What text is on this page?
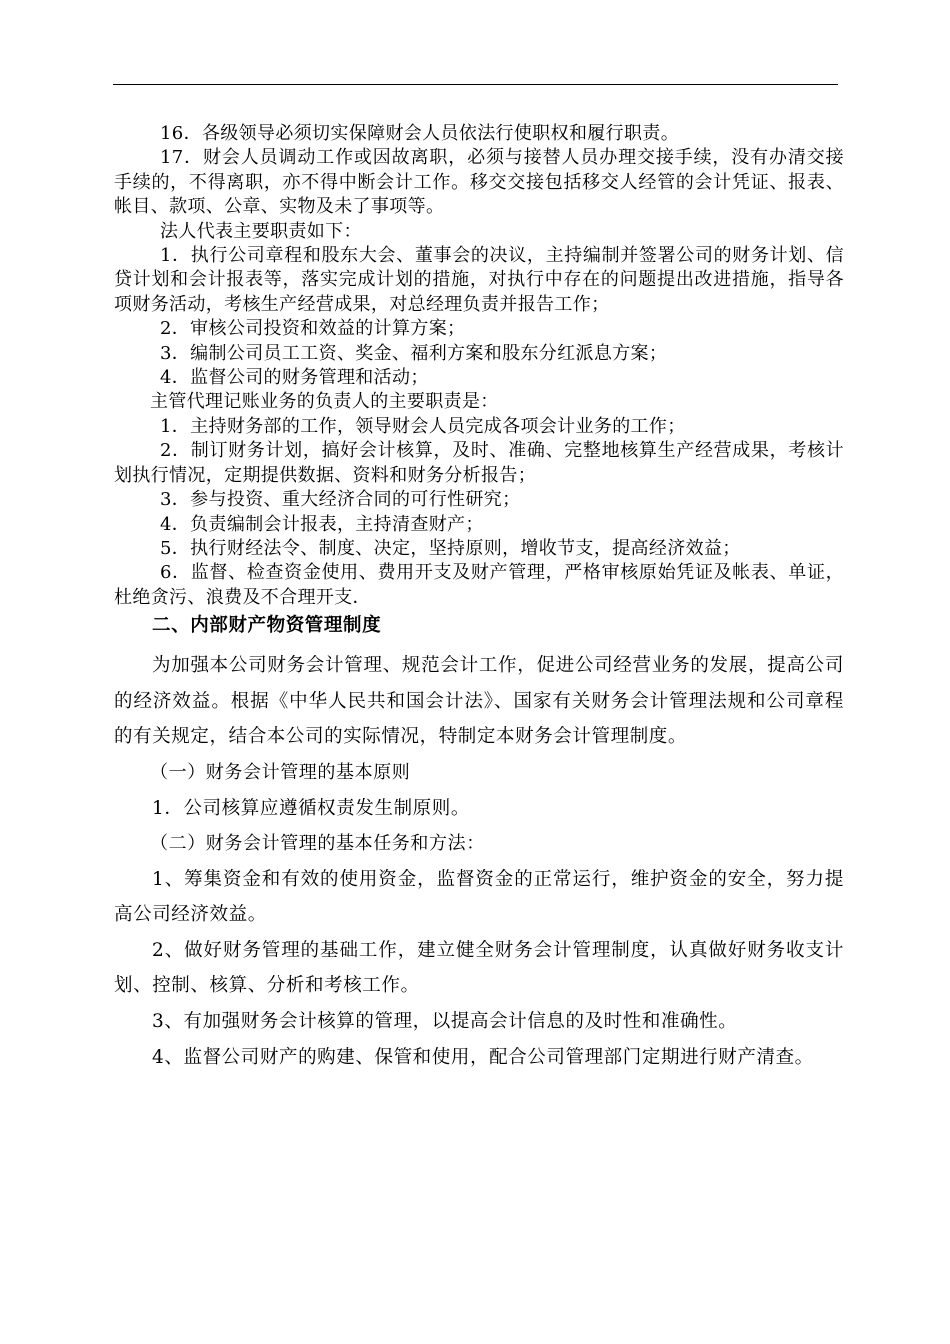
16．各级领导必须切实保障财会人员依法行使职权和履行职责。

17．财会人员调动工作或因故离职，必须与接替人员办理交接手续，没有办清交接手续的，不得离职，亦不得中断会计工作。移交交接包括移交人经管的会计凭证、报表、帐目、款项、公章、实物及未了事项等。

法人代表主要职责如下：

1．执行公司章程和股东大会、董事会的决议，主持编制并签署公司的财务计划、信贷计划和会计报表等，落实完成计划的措施，对执行中存在的问题提出改进措施，指导各项财务活动，考核生产经营成果，对总经理负责并报告工作；

2．审核公司投资和效益的计算方案；

3．编制公司员工工资、奖金、福利方案和股东分红派息方案；

4．监督公司的财务管理和活动；

主管代理记账业务的负责人的主要职责是：

1．主持财务部的工作，领导财会人员完成各项会计业务的工作；

2．制订财务计划，搞好会计核算，及时、准确、完整地核算生产经营成果，考核计划执行情况，定期提供数据、资料和财务分析报告；

3．参与投资、重大经济合同的可行性研究；

4．负责编制会计报表，主持清查财产；

5．执行财经法令、制度、决定，坚持原则，增收节支，提高经济效益；

6．监督、检查资金使用、费用开支及财产管理，严格审核原始凭证及帐表、单证，杜绝贪污、浪费及不合理开支．

二、内部财产物资管理制度

为加强本公司财务会计管理、规范会计工作，促进公司经营业务的发展，提高公司的经济效益。根据《中华人民共和国会计法》、国家有关财务会计管理法规和公司章程的有关规定，结合本公司的实际情况，特制定本财务会计管理制度。

（一）财务会计管理的基本原则

1．公司核算应遵循权责发生制原则。

（二）财务会计管理的基本任务和方法：

1、筹集资金和有效的使用资金，监督资金的正常运行，维护资金的安全，努力提高公司经济效益。

2、做好财务管理的基础工作，建立健全财务会计管理制度，认真做好财务收支计划、控制、核算、分析和考核工作。

3、有加强财务会计核算的管理，以提高会计信息的及时性和准确性。

4、监督公司财产的购建、保管和使用，配合公司管理部门定期进行财产清查。
